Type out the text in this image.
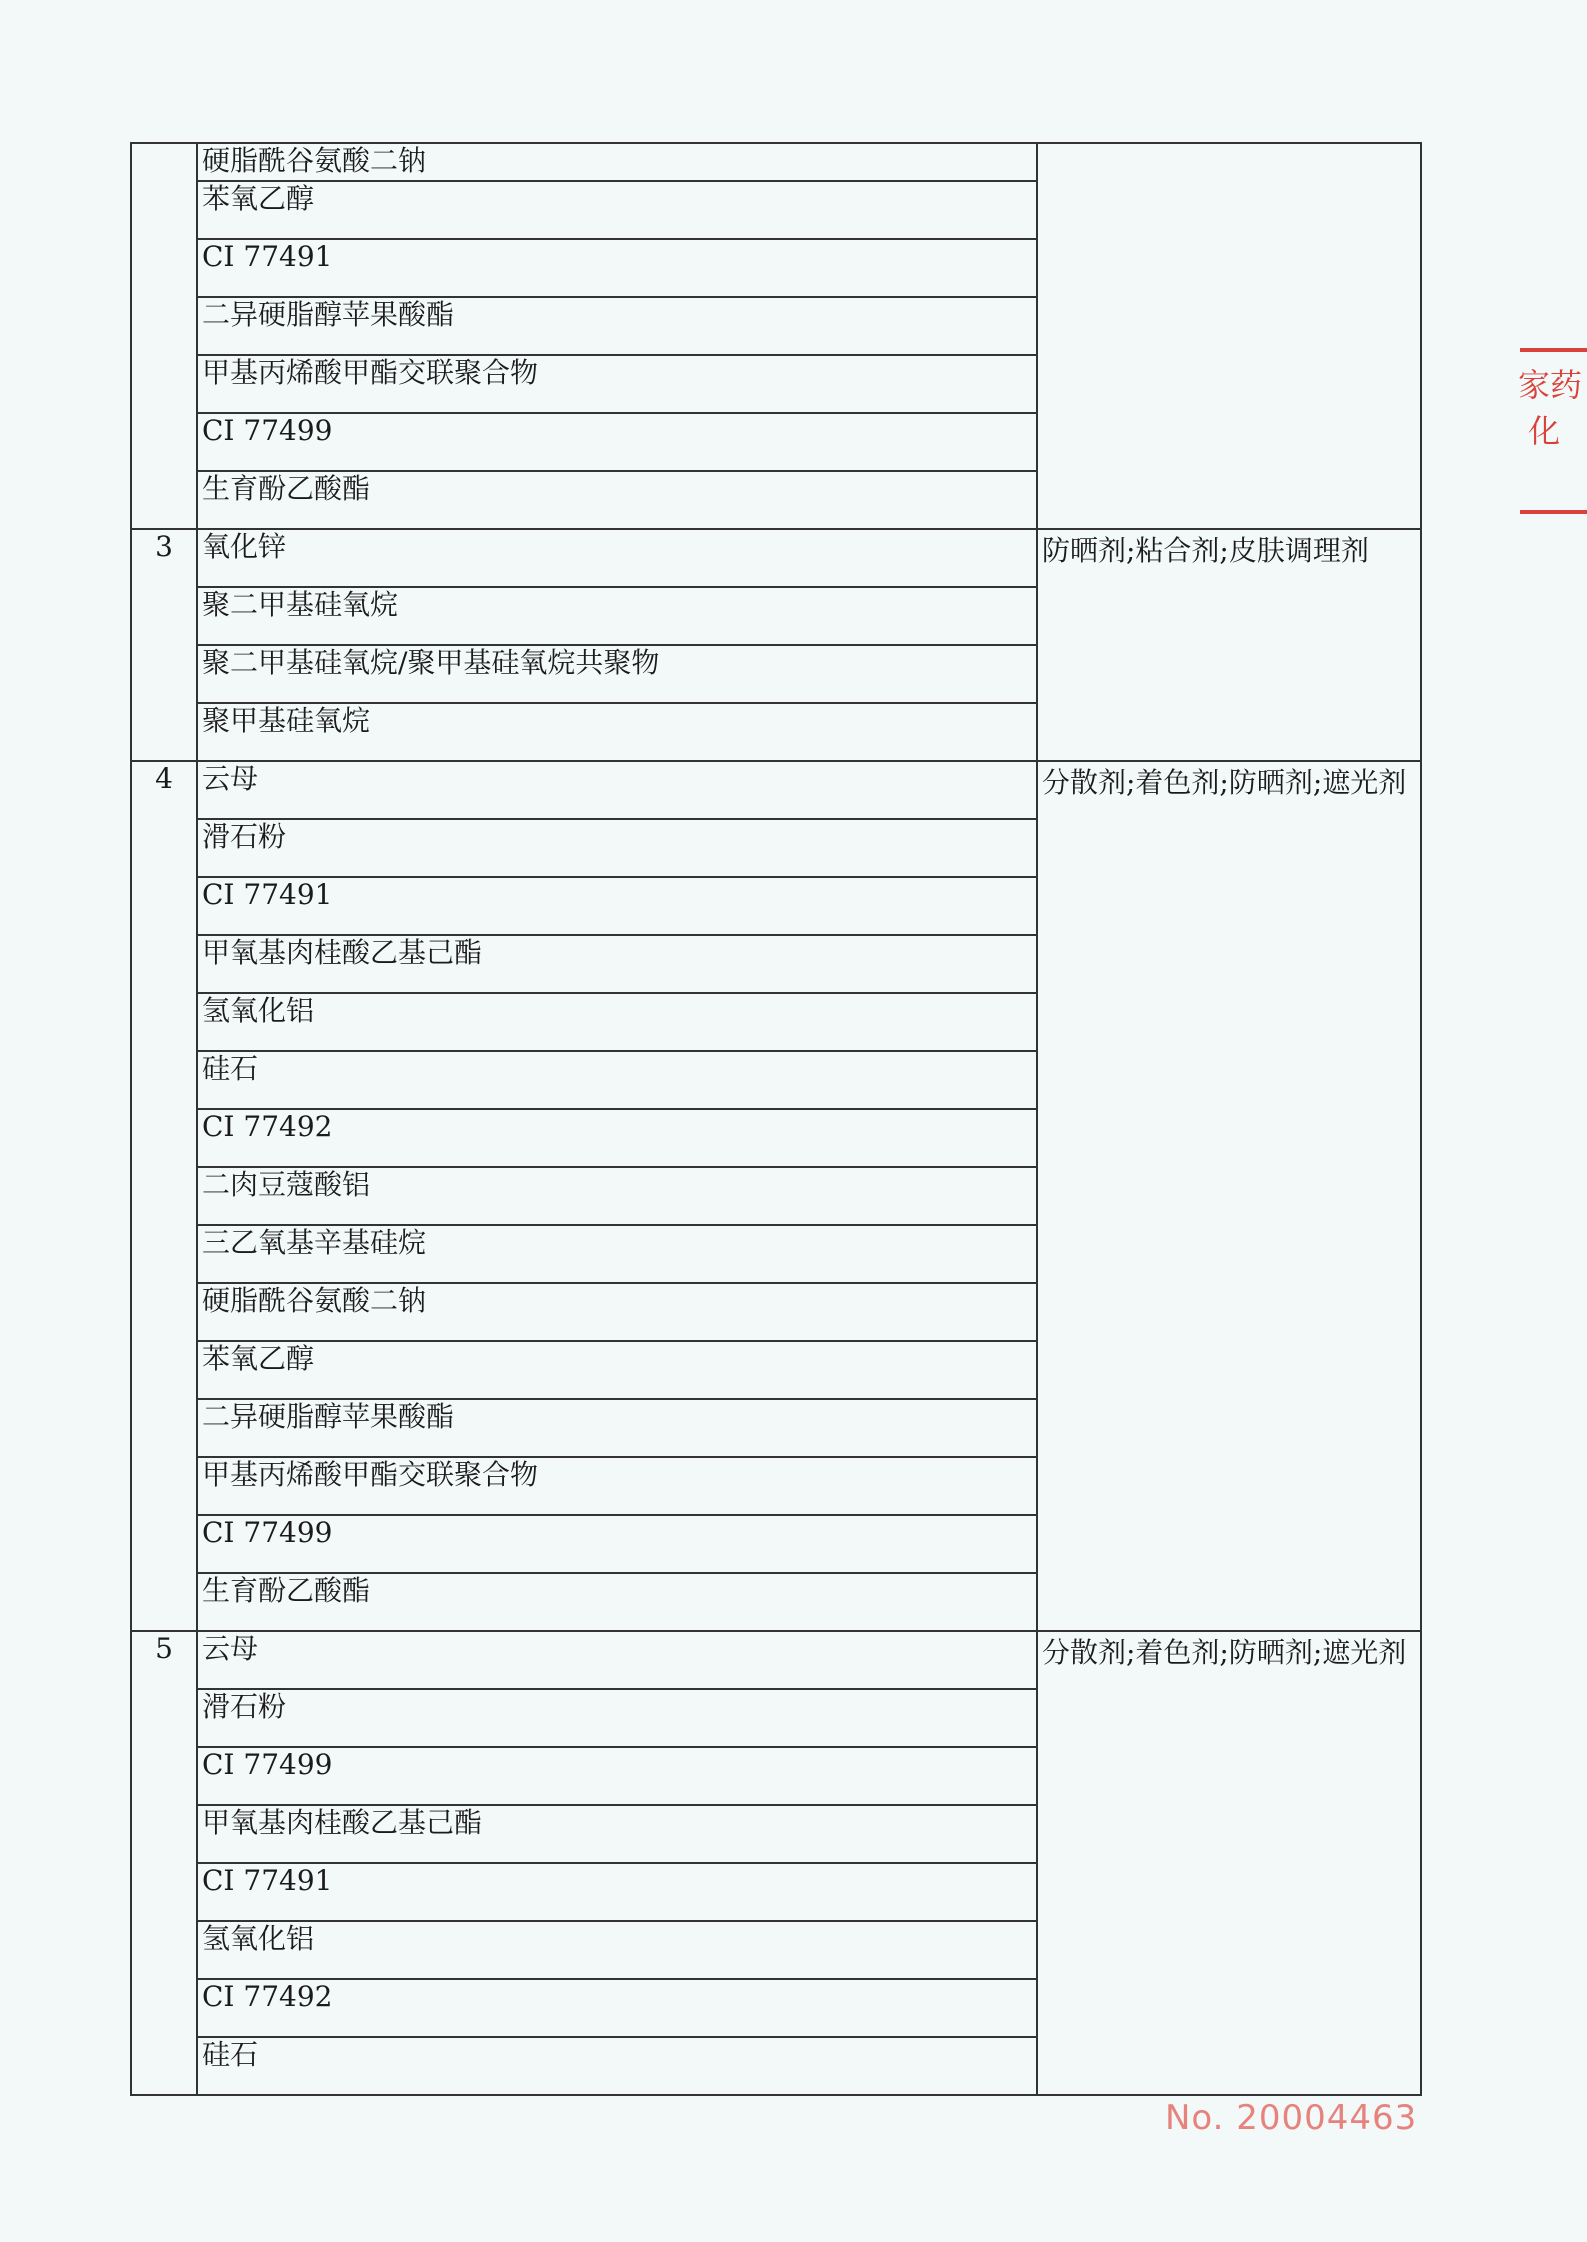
	硬脂酰谷氨酸二钠	

	苯氧乙醇	
	CI 77491	
	二异硬脂醇苹果酸酯	
	甲基丙烯酸甲酯交联聚合物	
	CI 77499	
	生育酚乙酸酯	
3	氧化锌	防晒剂;粘合剂;皮肤调理剂

	聚二甲基硅氧烷	
	聚二甲基硅氧烷/聚甲基硅氧烷共聚物	
	聚甲基硅氧烷	
4	云母	分散剂;着色剂;防晒剂;遮光剂

	滑石粉	
	CI 77491	
	甲氧基肉桂酸乙基己酯	
	氢氧化铝	
	硅石	
	CI 77492	
	二肉豆蔻酸铝	
	三乙氧基辛基硅烷	
	硬脂酰谷氨酸二钠	
	苯氧乙醇	
	二异硬脂醇苹果酸酯	
	甲基丙烯酸甲酯交联聚合物	
	CI 77499	
	生育酚乙酸酯	
5	云母	分散剂;着色剂;防晒剂;遮光剂

	滑石粉	
	CI 77499	
	甲氧基肉桂酸乙基己酯	
	CI 77491	
	氢氧化铝	
	CI 77492	
	硅石	
No. 20004463
家药
化
